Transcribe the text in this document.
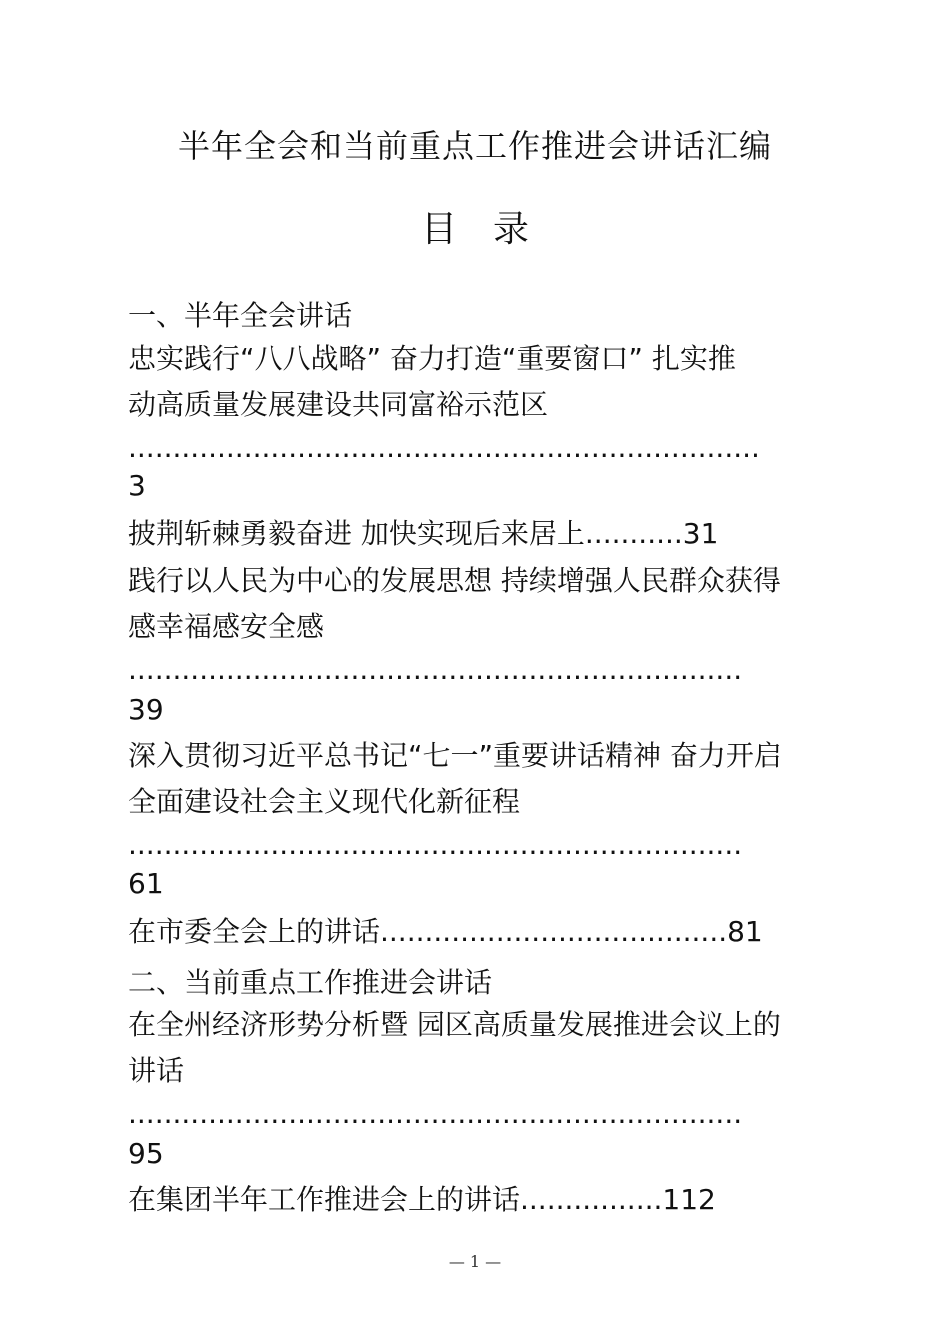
半年全会和当前重点工作推进会讲话汇编
目 录
一、半年全会讲话
忠实践行“八八战略” 奋力打造“重要窗口” 扎实推
动高质量发展建设共同富裕示范区
.......................................................................
3
披荆斩棘勇毅奋进 加快实现后来居上...........31
践行以人民为中心的发展思想 持续增强人民群众获得
感幸福感安全感
.....................................................................
39
深入贯彻习近平总书记“七一”重要讲话精神 奋力开启
全面建设社会主义现代化新征程
.....................................................................
61
在市委全会上的讲话.......................................81
二、当前重点工作推进会讲话
在全州经济形势分析暨 园区高质量发展推进会议上的
讲话
.....................................................................
95
在集团半年工作推进会上的讲话................112
— 1 —
